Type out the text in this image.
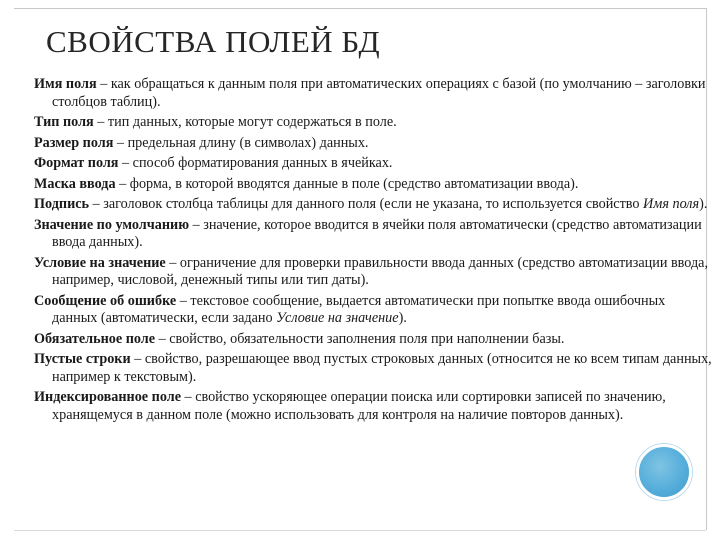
СВОЙСТВА ПОЛЕЙ БД

Имя поля – как обращаться к данным поля при автоматических операциях с базой (по умолчанию – заголовки столбцов таблиц).

Тип поля – тип данных, которые могут содержаться в поле.

Размер поля – предельная длину (в символах) данных.

Формат поля – способ форматирования данных в ячейках.

Маска ввода – форма, в которой вводятся данные в поле (средство автоматизации ввода).

Подпись – заголовок столбца таблицы для данного поля (если не указана, то используется свойство Имя поля).

Значение по умолчанию – значение, которое вводится в ячейки поля автоматически (средство автоматизации ввода данных).

Условие на значение – ограничение для проверки правильности ввода данных (средство автоматизации ввода, например, числовой, денежный типы или тип даты).

Сообщение об ошибке – текстовое сообщение, выдается автоматически при попытке ввода ошибочных данных (автоматически, если задано Условие на значение).

Обязательное поле – свойство, обязательности заполнения поля при наполнении базы.

Пустые строки – свойство, разрешающее ввод пустых строковых данных (относится не ко всем типам данных, например к текстовым).

Индексированное поле – свойство ускоряющее операции поиска или сортировки записей по значению, хранящемуся в данном поле (можно использовать для контроля на наличие повторов данных).
